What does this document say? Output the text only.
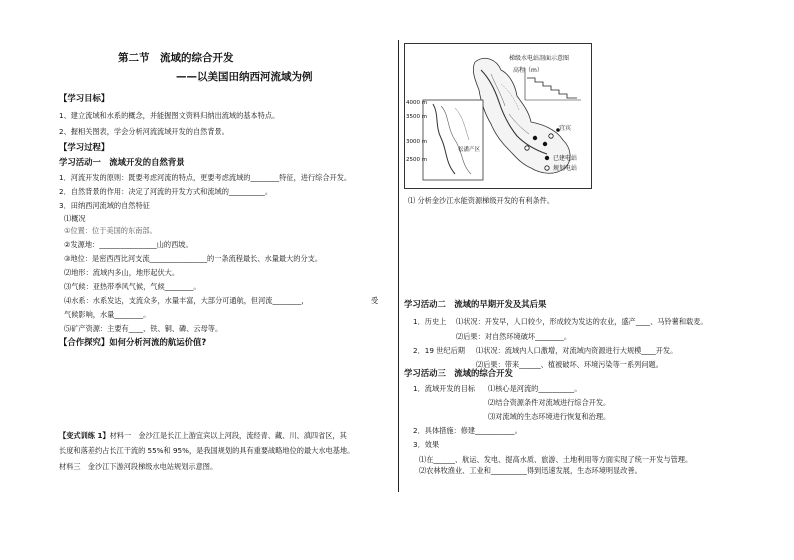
第二节　流域的综合开发
——以美国田纳西河流域为例
【学习目标】
1、建立流域和水系的概念，并能握图文资料归纳出流域的基本特点。
2、握相关图表，学会分析河流流域开发的自然背景。
【学习过程】
学习活动一　流域开发的自然背景
1．河流开发的原则：既要考虑河流的特点，更要考虑流域的________特征，进行综合开发。
2．自然背景的作用：决定了河流的开发方式和流域的__________。
3．田纳西河流域的自然特征
⑴概况
①位置：位于美国的东南部。
②发源地：________________山的西坡。
③地位：是密西西比河支流________________的一条流程最长、水量最大的分支。
⑵地形：流域内多山，地形起伏大。
⑶气候：亚热带季风气候，气候________。
⑷水系：水系发达，支流众多，水量丰富，大部分可通航，但河流________，	受
气候影响，水量________。
⑸矿产资源：主要有____、铁、铜、磷、云母等。
【合作探究】如何分析河流的航运价值?
【变式训练 1】材料一　金沙江是长江上游宜宾以上河段，流经青、藏、川、滇四省区，其
长度和落差约占长江干流的 55%和 95%，是我国规划的具有重要战略地位的最大水电基地。
材料三　金沙江下游河段梯级水电站规划示意图。
梯级水电站剖面示意图
高程（m）
4000 m
3500 m
3000 m
2500 m
松潘产区
宜宾
已建电站
规划电站
⑴ 分析金沙江水能资源梯级开发的有利条件。
学习活动二　流域的早期开发及其后果
1．历史上 ⑴状况：开发早，人口较少，形成较为发达的农业，盛产____、马铃薯和载麦。
⑵后果：对自然环境破坏________。
2．19 世纪后期 ⑴状况：流域内人口激增，对流域内资源进行大规模____开发。
⑵后果：带来______、植被破坏、环境污染等一系列问题。
学习活动三　流域的综合开发
1．流域开发的目标 ⑴核心是河流的__________。
⑵结合资源条件对流域进行综合开发。
⑶对流域的生态环境进行恢复和治理。
2．具体措施：修建___________。
3．效果
⑴在______、航运、发电、提高水质、旅游、土地利用等方面实现了统一开发与管理。
⑵农林牧渔业、工业和__________得到迅速发展，生态环境明显改善。
